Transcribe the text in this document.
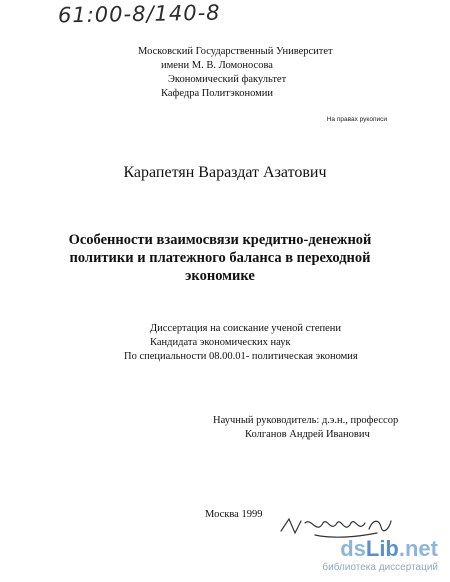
61:00-8/140-8
Московский Государственный Университет
имени М. В. Ломоносова
Экономический факультет
Кафедра Политэкономии
На правах рукописи
Карапетян Вараздат Азатович
Особенности взаимосвязи кредитно-денежной
политики и платежного баланса в переходной
экономике
Диссертация на соискание ученой степени
Кандидата экономических наук
По специальности 08.00.01- политическая экономия
Научный руководитель: д.э.н., профессор
Колганов Андрей Иванович
Москва 1999
dsLib.net
библиотека диссертаций
